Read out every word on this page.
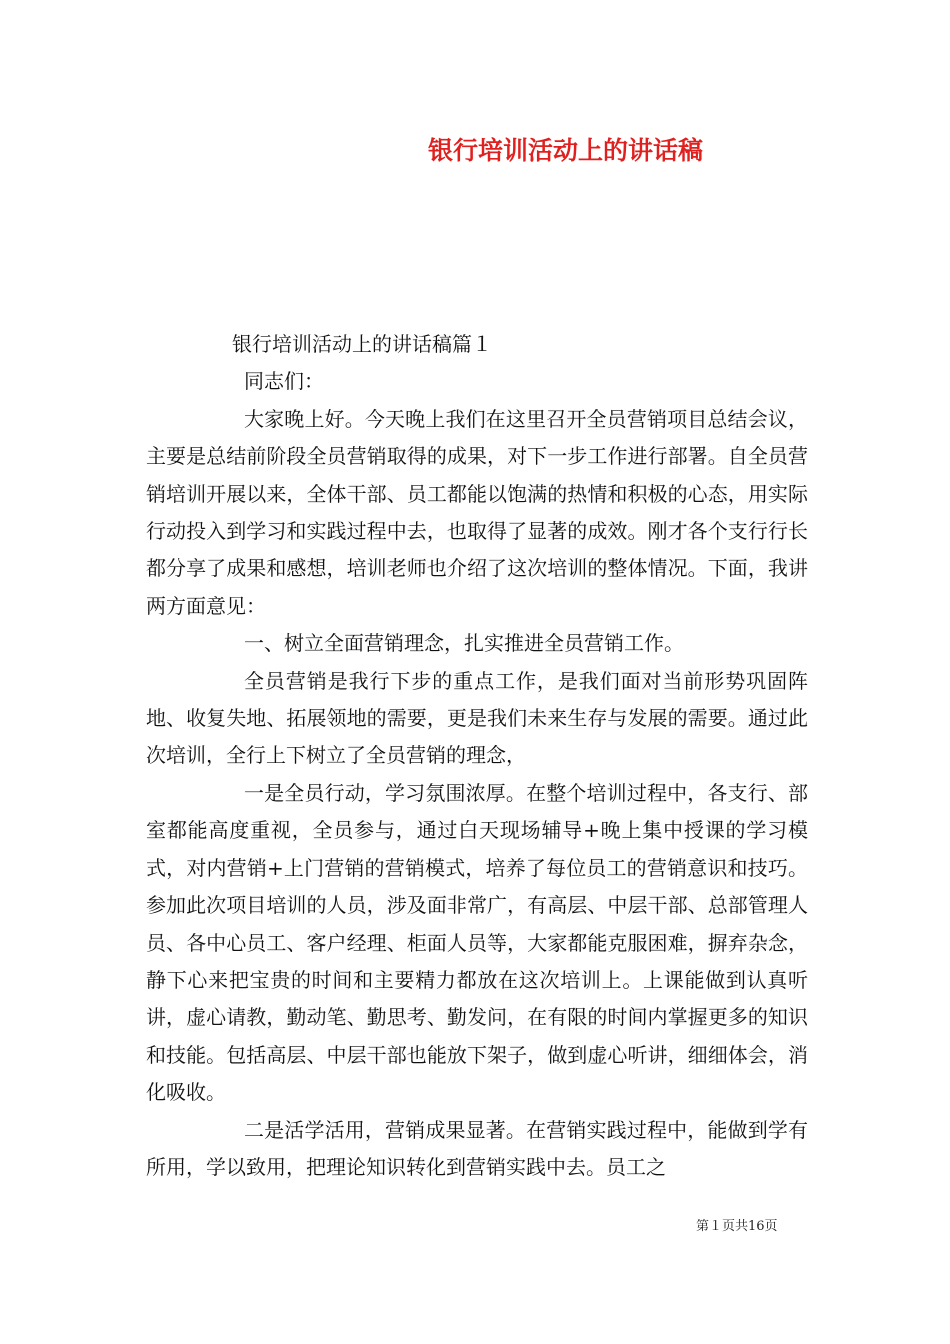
银行培训活动上的讲话稿

银行培训活动上的讲话稿篇１

同志们：

大家晚上好。今天晚上我们在这里召开全员营销项目总结会议，主要是总结前阶段全员营销取得的成果，对下一步工作进行部署。自全员营销培训开展以来，全体干部、员工都能以饱满的热情和积极的心态，用实际行动投入到学习和实践过程中去，也取得了显著的成效。刚才各个支行行长都分享了成果和感想，培训老师也介绍了这次培训的整体情况。下面，我讲两方面意见：

一、树立全面营销理念，扎实推进全员营销工作。

全员营销是我行下步的重点工作，是我们面对当前形势巩固阵地、收复失地、拓展领地的需要，更是我们未来生存与发展的需要。通过此次培训，全行上下树立了全员营销的理念，

一是全员行动，学习氛围浓厚。在整个培训过程中，各支行、部室都能高度重视，全员参与，通过白天现场辅导+晚上集中授课的学习模式，对内营销+上门营销的营销模式，培养了每位员工的营销意识和技巧。参加此次项目培训的人员，涉及面非常广，有高层、中层干部、总部管理人员、各中心员工、客户经理、柜面人员等，大家都能克服困难，摒弃杂念，静下心来把宝贵的时间和主要精力都放在这次培训上。上课能做到认真听讲，虚心请教，勤动笔、勤思考、勤发问，在有限的时间内掌握更多的知识和技能。包括高层、中层干部也能放下架子，做到虚心听讲，细细体会，消化吸收。

二是活学活用，营销成果显著。在营销实践过程中，能做到学有所用，学以致用，把理论知识转化到营销实践中去。员工之

第１页共16页
